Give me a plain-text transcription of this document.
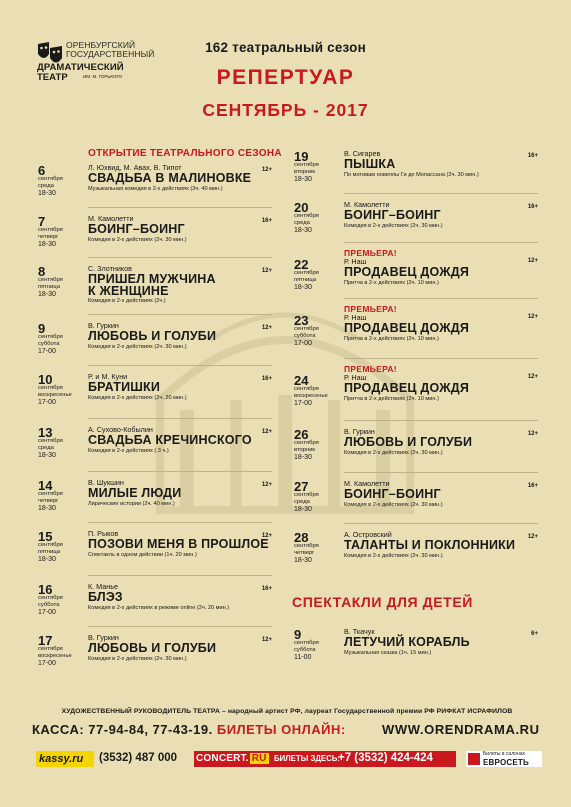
ОРЕНБУРГСКИЙ
ГОСУДАРСТВЕННЫЙ
ДРАМАТИЧЕСКИЙ
ТЕАТР	ИМ. М. ГОРЬКОГО
162 театральный сезон
РЕПЕРТУАР
СЕНТЯБРЬ - 2017
ОТКРЫТИЕ ТЕАТРАЛЬНОГО СЕЗОНА
6
сентября среда
18-30
Л. Юхвид, М. Авах, В. Типот
СВАДЬБА В МАЛИНОВКЕ
Музыкальная комедия в 2-х действиях (3ч. 40 мин.)
12+
7
сентября четверг
18-30
М. Камолетти
БОИНГ–БОИНГ
Комедия в 2-х действиях (2ч. 30 мин.)
16+
8
сентября пятница
18-30
С. Злотников
ПРИШЕЛ МУЖЧИНА
К ЖЕНЩИНЕ
Комедия в 2-х действиях (2ч.)
12+
9
сентября суббота
17-00
В. Гуркин
ЛЮБОВЬ И ГОЛУБИ
Комедия в 2-х действиях (2ч. 30 мин.)
12+
10
сентября воскресенье
17-00
Р. и М. Куни
БРАТИШКИ
Комедия в 2-х действиях (2ч. 20 мин.)
16+
13
сентября среда
18-30
А. Сухово-Кобылин
СВАДЬБА КРЕЧИНСКОГО
Комедия в 2-х действиях ( 3 ч.)
12+
14
сентября четверг
18-30
В. Шукшин
МИЛЫЕ ЛЮДИ
Лирические истории (2ч. 40 мин.)
12+
15
сентября пятница
18-30
П. Рыков
ПОЗОВИ МЕНЯ В ПРОШЛОЕ
Спектакль в одном действии (1ч. 20 мин.)
12+
16
сентября суббота
17-00
К. Маньe
БЛЭЗ
Комедия в 2-х действиях в режиме online (2ч. 20 мин.)
16+
17
сентября воскресенье
17-00
В. Гуркин
ЛЮБОВЬ И ГОЛУБИ
Комедия в 2-х действиях (2ч. 30 мин.)
12+
19
сентября вторник
18-30
В. Сигарев
ПЫШКА
По мотивам новеллы Ги де Мопассана (2ч. 30 мин.)
16+
20
сентября среда
18-30
М. Камолетти
БОИНГ–БОИНГ
Комедия в 2-х действиях (2ч. 30 мин.)
16+
ПРЕМЬЕРА!
22
сентября пятница
18-30
Р. Наш
ПРОДАВЕЦ ДОЖДЯ
Притча в 2-х действиях (2ч. 10 мин.)
12+
ПРЕМЬЕРА!
23
сентября суббота
17-00
Р. Наш
ПРОДАВЕЦ ДОЖДЯ
Притча в 2-х действиях (2ч. 10 мин.)
12+
ПРЕМЬЕРА!
24
сентября воскресенье
17-00
Р. Наш
ПРОДАВЕЦ ДОЖДЯ
Притча в 2-х действиях (2ч. 10 мин.)
12+
26
сентября вторник
18-30
В. Гуркин
ЛЮБОВЬ И ГОЛУБИ
Комедия в 2-х действиях (2ч. 30 мин.)
12+
27
сентября среда
18-30
М. Камолетти
БОИНГ–БОИНГ
Комедия в 2-х действиях (2ч. 30 мин.)
16+
28
сентября четверг
18-30
А. Островский
ТАЛАНТЫ И ПОКЛОННИКИ
Комедия в 2-х действиях (2ч. 30 мин.)
12+
СПЕКТАКЛИ ДЛЯ ДЕТЕЙ
9
сентября суббота
11-00
В. Ткачук
ЛЕТУЧИЙ КОРАБЛЬ
Музыкальная сказка (1ч. 15 мин.)
6+
ХУДОЖЕСТВЕННЫЙ РУКОВОДИТЕЛЬ ТЕАТРА – народный артист РФ, лауреат Государственной премии РФ РИФКАТ ИСРАФИЛОВ
КАССА: 77-94-84, 77-43-19. БИЛЕТЫ ОНЛАЙН:	WWW.ORENDRAMA.RU
kassy.ru	(3532) 487 000 CONCERT. RU БИЛЕТЫ ЗДЕСЬ:
+7 (3532) 424-424	Билеты в салонах
ЕВРОСЕТЬ
